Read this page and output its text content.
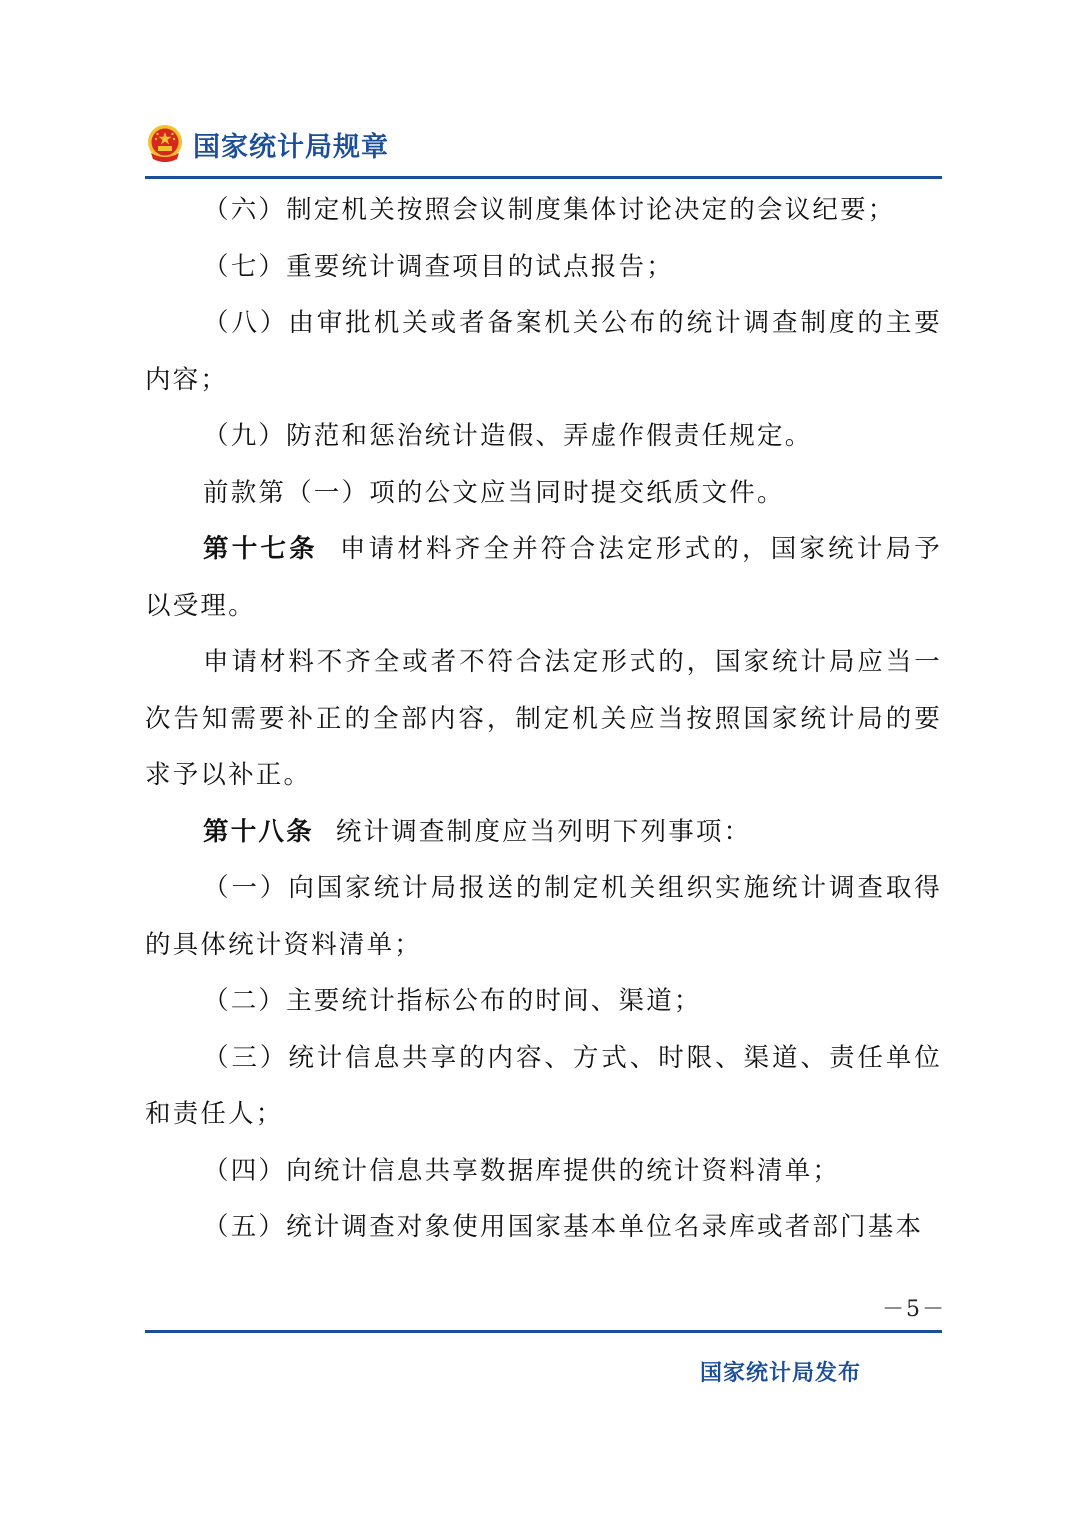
国家统计局规章

（六）制定机关按照会议制度集体讨论决定的会议纪要；

（七）重要统计调查项目的试点报告；

（八）由审批机关或者备案机关公布的统计调查制度的主要内容；

（九）防范和惩治统计造假、弄虚作假责任规定。

前款第（一）项的公文应当同时提交纸质文件。

第十七条 申请材料齐全并符合法定形式的，国家统计局予以受理。

申请材料不齐全或者不符合法定形式的，国家统计局应当一次告知需要补正的全部内容，制定机关应当按照国家统计局的要求予以补正。

第十八条 统计调查制度应当列明下列事项：

（一）向国家统计局报送的制定机关组织实施统计调查取得的具体统计资料清单；

（二）主要统计指标公布的时间、渠道；

（三）统计信息共享的内容、方式、时限、渠道、责任单位和责任人；

（四）向统计信息共享数据库提供的统计资料清单；

（五）统计调查对象使用国家基本单位名录库或者部门基本

－5－
国家统计局发布
